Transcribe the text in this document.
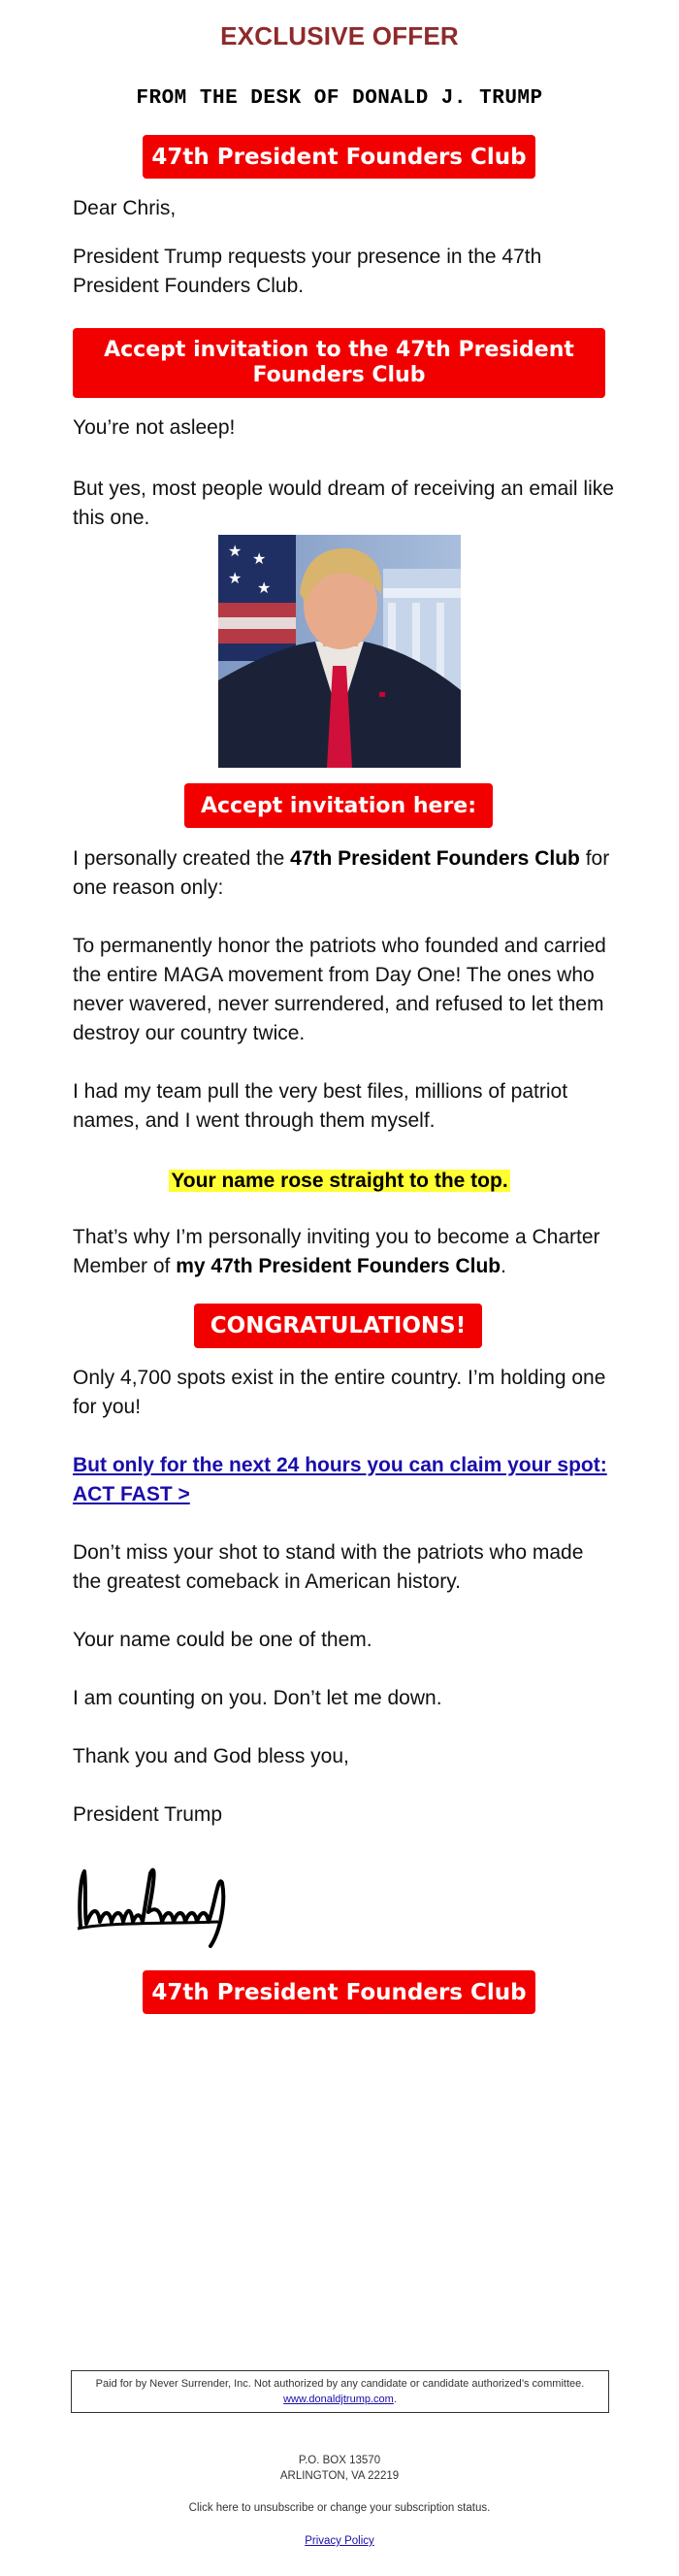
EXCLUSIVE OFFER
FROM THE DESK OF DONALD J. TRUMP
47th President Founders Club
Dear Chris,
President Trump requests your presence in the 47th President Founders Club.
Accept invitation to the 47th President Founders Club
You’re not asleep!
But yes, most people would dream of receiving an email like this one.
★ ★
★
★
Accept invitation here:
I personally created the 47th President Founders Club for one reason only:
To permanently honor the patriots who founded and carried the entire MAGA movement from Day One! The ones who never wavered, never surrendered, and refused to let them destroy our country twice.
I had my team pull the very best files, millions of patriot names, and I went through them myself.
Your name rose straight to the top.
That’s why I’m personally inviting you to become a Charter Member of my 47th President Founders Club.
CONGRATULATIONS!
Only 4,700 spots exist in the entire country. I’m holding one for you!
But only for the next 24 hours you can claim your spot: ACT FAST >
Don’t miss your shot to stand with the patriots who made the greatest comeback in American history.
Your name could be one of them.
I am counting on you. Don’t let me down.
Thank you and God bless you,
President Trump
47th President Founders Club
Paid for by Never Surrender, Inc. Not authorized by any candidate or candidate authorized’s committee.
www.donaldjtrump.com.
P.O. BOX 13570
ARLINGTON, VA 22219
Click here to unsubscribe or change your subscription status.
Privacy Policy
